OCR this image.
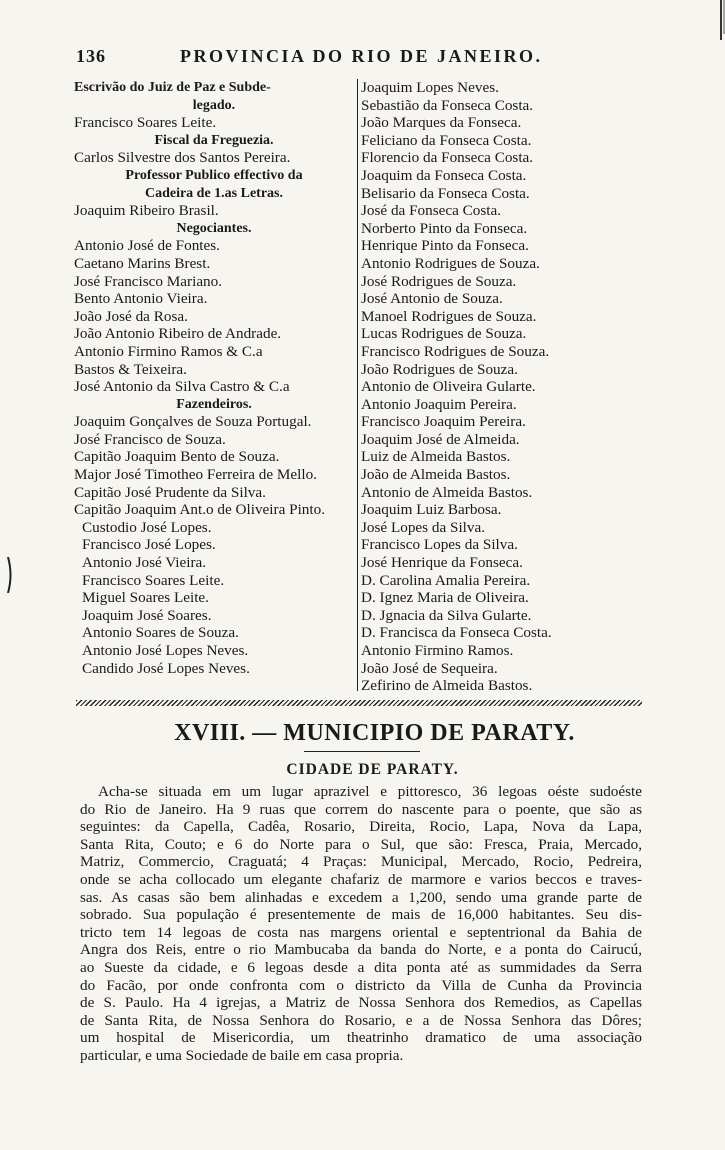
136	PROVINCIA DO RIO DE JANEIRO.
Escrivão do Juiz de Paz e Subde-
legado.
Francisco Soares Leite.
Fiscal da Freguezia.
Carlos Silvestre dos Santos Pereira.
Professor Publico effectivo da
Cadeira de 1.as Letras.
Joaquim Ribeiro Brasil.
Negociantes.
Antonio José de Fontes.
Caetano Marins Brest.
José Francisco Mariano.
Bento Antonio Vieira.
João José da Rosa.
João Antonio Ribeiro de Andrade.
Antonio Firmino Ramos & C.a
Bastos & Teixeira.
José Antonio da Silva Castro & C.a
Fazendeiros.
Joaquim Gonçalves de Souza Portugal.
José Francisco de Souza.
Capitão Joaquim Bento de Souza.
Major José Timotheo Ferreira de Mello.
Capitão José Prudente da Silva.
Capitão Joaquim Ant.o de Oliveira Pinto.
Custodio José Lopes.
Francisco José Lopes.
Antonio José Vieira.
Francisco Soares Leite.
Miguel Soares Leite.
Joaquim José Soares.
Antonio Soares de Souza.
Antonio José Lopes Neves.
Candido José Lopes Neves.
Joaquim Lopes Neves.
Sebastião da Fonseca Costa.
João Marques da Fonseca.
Feliciano da Fonseca Costa.
Florencio da Fonseca Costa.
Joaquim da Fonseca Costa.
Belisario da Fonseca Costa.
José da Fonseca Costa.
Norberto Pinto da Fonseca.
Henrique Pinto da Fonseca.
Antonio Rodrigues de Souza.
José Rodrigues de Souza.
José Antonio de Souza.
Manoel Rodrigues de Souza.
Lucas Rodrigues de Souza.
Francisco Rodrigues de Souza.
João Rodrigues de Souza.
Antonio de Oliveira Gularte.
Antonio Joaquim Pereira.
Francisco Joaquim Pereira.
Joaquim José de Almeida.
Luiz de Almeida Bastos.
João de Almeida Bastos.
Antonio de Almeida Bastos.
Joaquim Luiz Barbosa.
José Lopes da Silva.
Francisco Lopes da Silva.
José Henrique da Fonseca.
D. Carolina Amalia Pereira.
D. Ignez Maria de Oliveira.
D. Jgnacia da Silva Gularte.
D. Francisca da Fonseca Costa.
Antonio Firmino Ramos.
João José de Sequeira.
Zefirino de Almeida Bastos.
XVIII. — MUNICIPIO DE PARATY.
CIDADE DE PARATY.
Acha-se situada em um lugar aprazivel e pittoresco, 36 legoas oéste sudoéste
do Rio de Janeiro. Ha 9 ruas que correm do nascente para o poente, que são as
seguintes: da Capella, Cadêa, Rosario, Direita, Rocio, Lapa, Nova da Lapa,
Santa Rita, Couto; e 6 do Norte para o Sul, que são: Fresca, Praia, Mercado,
Matriz, Commercio, Craguatá; 4 Praças: Municipal, Mercado, Rocio, Pedreira,
onde se acha collocado um elegante chafariz de marmore e varios beccos e traves-
sas. As casas são bem alinhadas e excedem a 1,200, sendo uma grande parte de
sobrado. Sua população é presentemente de mais de 16,000 habitantes. Seu dis-
tricto tem 14 legoas de costa nas margens oriental e septentrional da Bahia de
Angra dos Reis, entre o rio Mambucaba da banda do Norte, e a ponta do Cairucú,
ao Sueste da cidade, e 6 legoas desde a dita ponta até as summidades da Serra
do Facão, por onde confronta com o districto da Villa de Cunha da Provincia
de S. Paulo. Ha 4 igrejas, a Matriz de Nossa Senhora dos Remedios, as Capellas
de Santa Rita, de Nossa Senhora do Rosario, e a de Nossa Senhora das Dôres;
um hospital de Misericordia, um theatrinho dramatico de uma associação
particular, e uma Sociedade de baile em casa propria.
